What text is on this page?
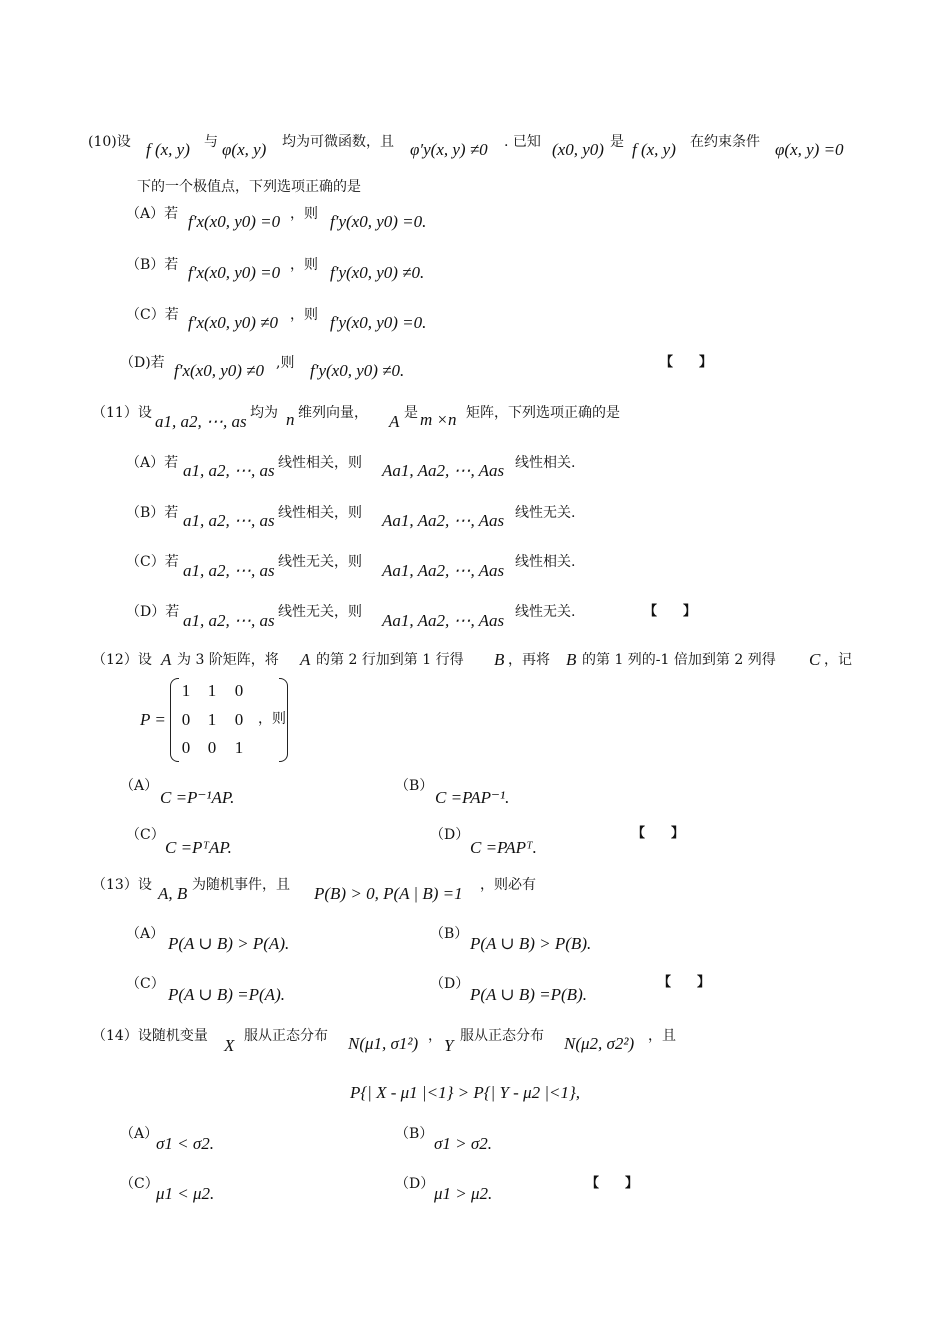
(10)设 f (x, y) 与 φ(x, y) 均为可微函数，且 φ′y(x, y) ≠0 . 已知 (x0, y0) 是 f (x, y) 在约束条件 φ(x, y) =0
下的一个极值点，下列选项正确的是
（A）若 f′x(x0, y0) =0 ，则 f′y(x0, y0) =0.
（B）若 f′x(x0, y0) =0 ，则 f′y(x0, y0) ≠0.
（C）若 f′x(x0, y0) ≠0 ，则 f′y(x0, y0) =0.
（D)若 f′x(x0, y0) ≠0 ,则 f′y(x0, y0) ≠0.	【　　】
（11）设 a1, a2, ⋯, as 均为 n 维列向量， A 是 m ×n 矩阵，下列选项正确的是
（A）若 a1, a2, ⋯, as 线性相关，则 Aa1, Aa2, ⋯, Aas 线性相关.
（B）若 a1, a2, ⋯, as 线性相关，则 Aa1, Aa2, ⋯, Aas 线性无关.
（C）若 a1, a2, ⋯, as 线性无关，则 Aa1, Aa2, ⋯, Aas 线性相关.
（D）若 a1, a2, ⋯, as 线性无关，则 Aa1, Aa2, ⋯, Aas 线性无关.	【　　】
（12）设 A 为 3 阶矩阵，将 A 的第 2 行加到第 1 行得 B ，再将 B 的第 1 列的-1 倍加到第 2 列得 C ，记
P =
1	1	0
0	1	0
0	0	1
，则
（A）
C =P⁻¹AP.
（B）
C =PAP⁻¹.
（C）
C =PᵀAP.
（D）
C =PAPᵀ.
【　　】
（13）设 A, B 为随机事件，且 P(B) > 0, P(A | B) =1 ，则必有
（A） P(A ∪ B) > P(A).	（B） P(A ∪ B) > P(B).
（C）
P(A ∪ B) =P(A).
（D）
P(A ∪ B) =P(B).
【　　】
（14）设随机变量 X 服从正态分布 N(μ1, σ1²) ， Y 服从正态分布 N(μ2, σ2²) ，且
P{| X - μ1 |<1} > P{| Y - μ2 |<1},
（A）
σ1 < σ2.	（B） σ1 > σ2.
（C）
μ1 < μ2.	（D） μ1 > μ2.
【　　】
